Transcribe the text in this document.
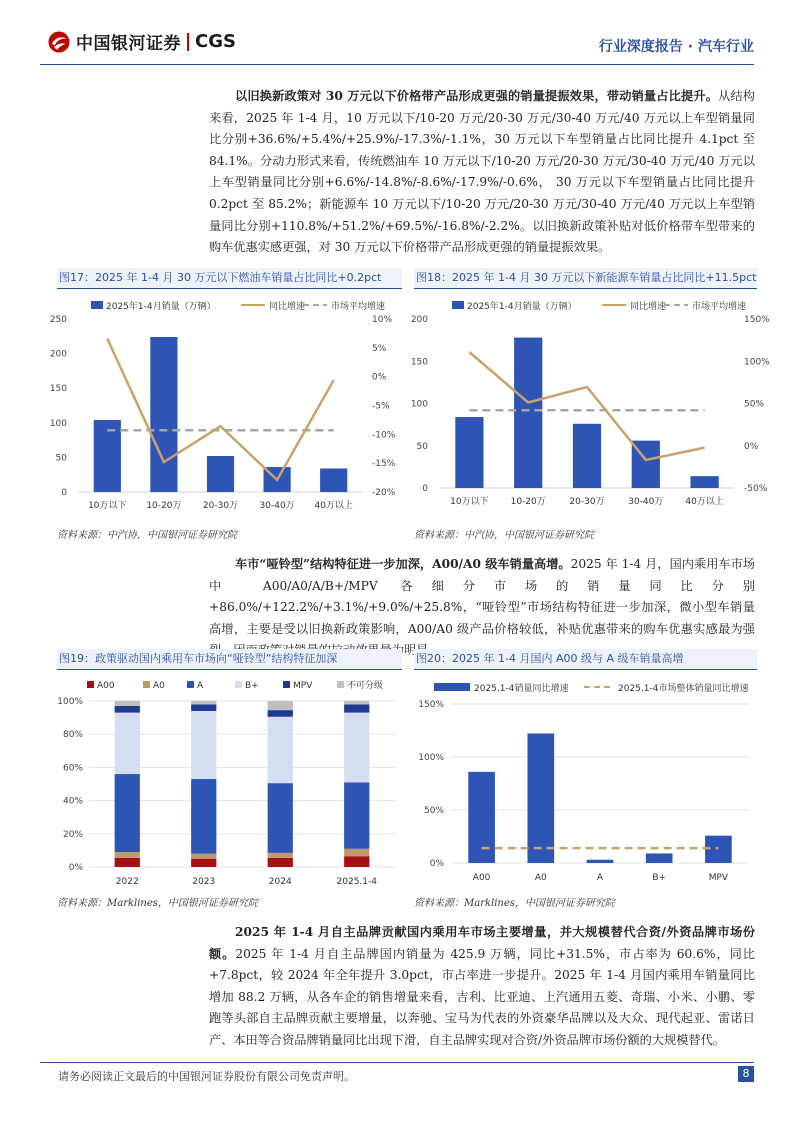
中国银河证券 CGS	行业深度报告 · 汽车行业

以旧换新政策对 30 万元以下价格带产品形成更强的销量提振效果，带动销量占比提升。从结构来看，2025 年 1-4 月，10 万元以下/10-20 万元/20-30 万元/30-40 万元/40 万元以上车型销量同比分别+36.6%/+5.4%/+25.9%/-17.3%/-1.1%，30 万元以下车型销量占比同比提升 4.1pct 至 84.1%。分动力形式来看，传统燃油车 10 万元以下/10-20 万元/20-30 万元/30-40 万元/40 万元以上车型销量同比分别+6.6%/-14.8%/-8.6%/-17.9%/-0.6%， 30 万元以下车型销量占比同比提升 0.2pct 至 85.2%；新能源车 10 万元以下/10-20 万元/20-30 万元/30-40 万元/40 万元以上车型销量同比分别+110.8%/+51.2%/+69.5%/-16.8%/-2.2%。以旧换新政策补贴对低价格带车型带来的购车优惠实感更强，对 30 万元以下价格带产品形成更强的销量提振效果。

图17：2025 年 1-4 月 30 万元以下燃油车销量占比同比+0.2pct
2025年1-4月销量（万辆）	同比增速	市场平均增速
0
50
100
150
200
250
-20%
-15%
-10%
-5%
0%
5%
10%
10万以下 10-20万 20-30万 30-40万 40万以上
资料来源：中汽协，中国银河证券研究院
图18：2025 年 1-4 月 30 万元以下新能源车销量占比同比+11.5pct
2025年1-4月销量（万辆）	同比增速	市场平均增速
0
50
100
150
200
-50%
0%
50%
100%
150%
10万以下 10-20万	20-30万	30-40万 40万以上
资料来源：中汽协，中国银河证券研究院

车市“哑铃型”结构特征进一步加深，A00/A0 级车销量高增。2025 年 1-4 月，国内乘用车市场中 A00/A0/A/B+/MPV 各细分市场的销量同比分别+86.0%/+122.2%/+3.1%/+9.0%/+25.8%，“哑铃型”市场结构特征进一步加深，微小型车销量高增，主要是受以旧换新政策影响，A00/A0 级产品价格较低，补贴优惠带来的购车优惠实感最为强 果最为明显。

图19：政策驱动国内乘用车市场向“哑铃型”结构特征加深
A00	A0	A	B+	MPV	不可分级
0%
20%
40%
60%
80%
100%
2022	2023	2024	2025.1-4
资料来源：Marklines，中国银河证券研究院
图20：2025 年 1-4 月国内 A00 级与 A 级车销量高增
2025.1-4销量同比增速	2025.1-4市场整体销量同比增速
0%
50%
100%
150%
A00	A0	A	B+	MPV
资料来源：Marklines，中国银河证券研究院

2025 年 1-4 月自主品牌贡献国内乘用车市场主要增量，并大规模替代合资/外资品牌市场份额。2025 年 1-4 月自主品牌国内销量为 425.9 万辆，同比+31.5%，市占率为 60.6%，同比+7.8pct，较 2024 年全年提升 3.0pct，市占率进一步提升。2025 年 1-4 月国内乘用车销量同比增加 88.2 万辆，从各车企的销售增量来看，吉利、比亚迪、上汽通用五菱、奇瑞、小米、小鹏、零跑等头部自主品牌贡献主要增量，以奔驰、宝马为代表的外资豪华品牌以及大众、现代起亚、雷诺日产、本田等合资品牌销量同比出现下滑，自主品牌实现对合资/外资品牌市场份额的大规模替代。

请务必阅读正文最后的中国银河证券股份有限公司免责声明。	8
